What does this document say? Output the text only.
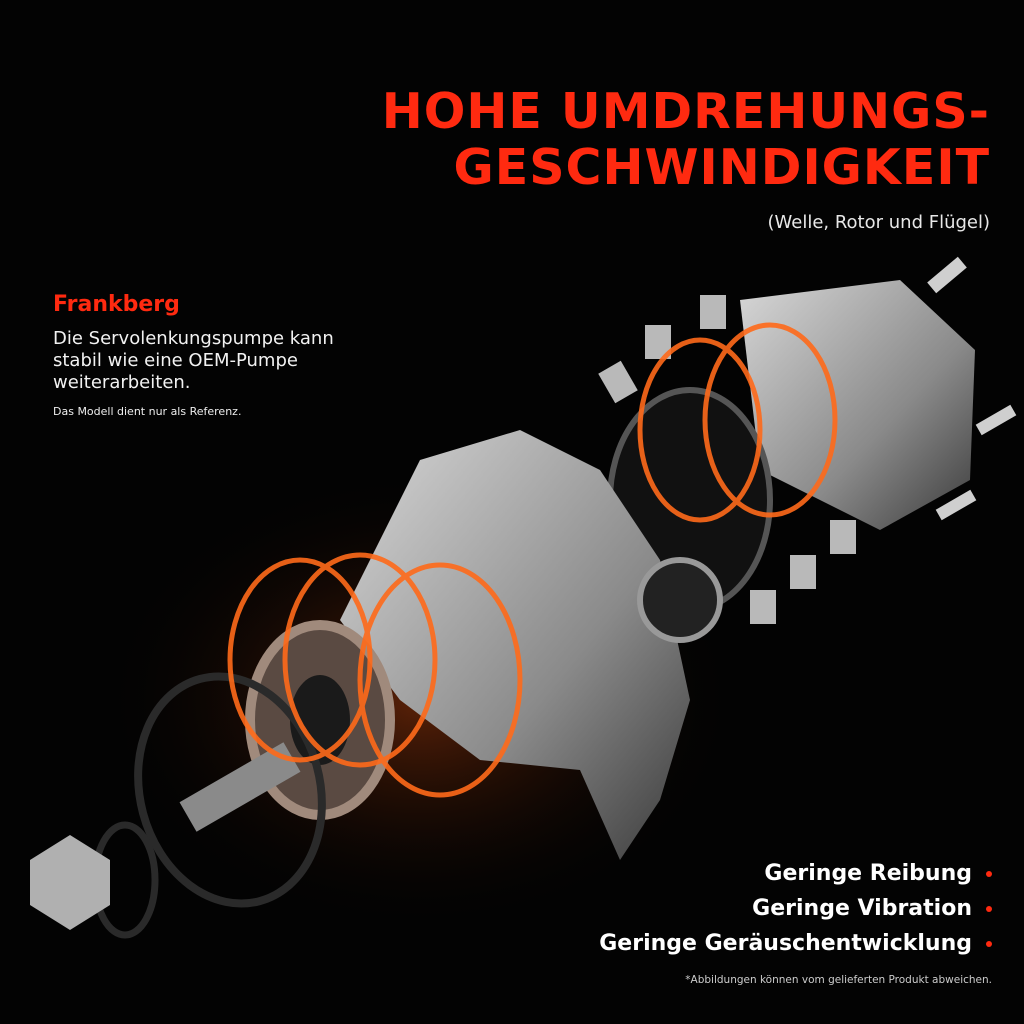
HOHE UMDREHUNGS-
GESCHWINDIGKEIT
(Welle, Rotor und Flügel)
Frankberg
Die Servolenkungspumpe kann
stabil wie eine OEM-Pumpe
weiterarbeiten.
Das Modell dient nur als Referenz.
Geringe Reibung
Geringe Vibration
Geringe Geräuschentwicklung
*Abbildungen können vom gelieferten Produkt abweichen.
